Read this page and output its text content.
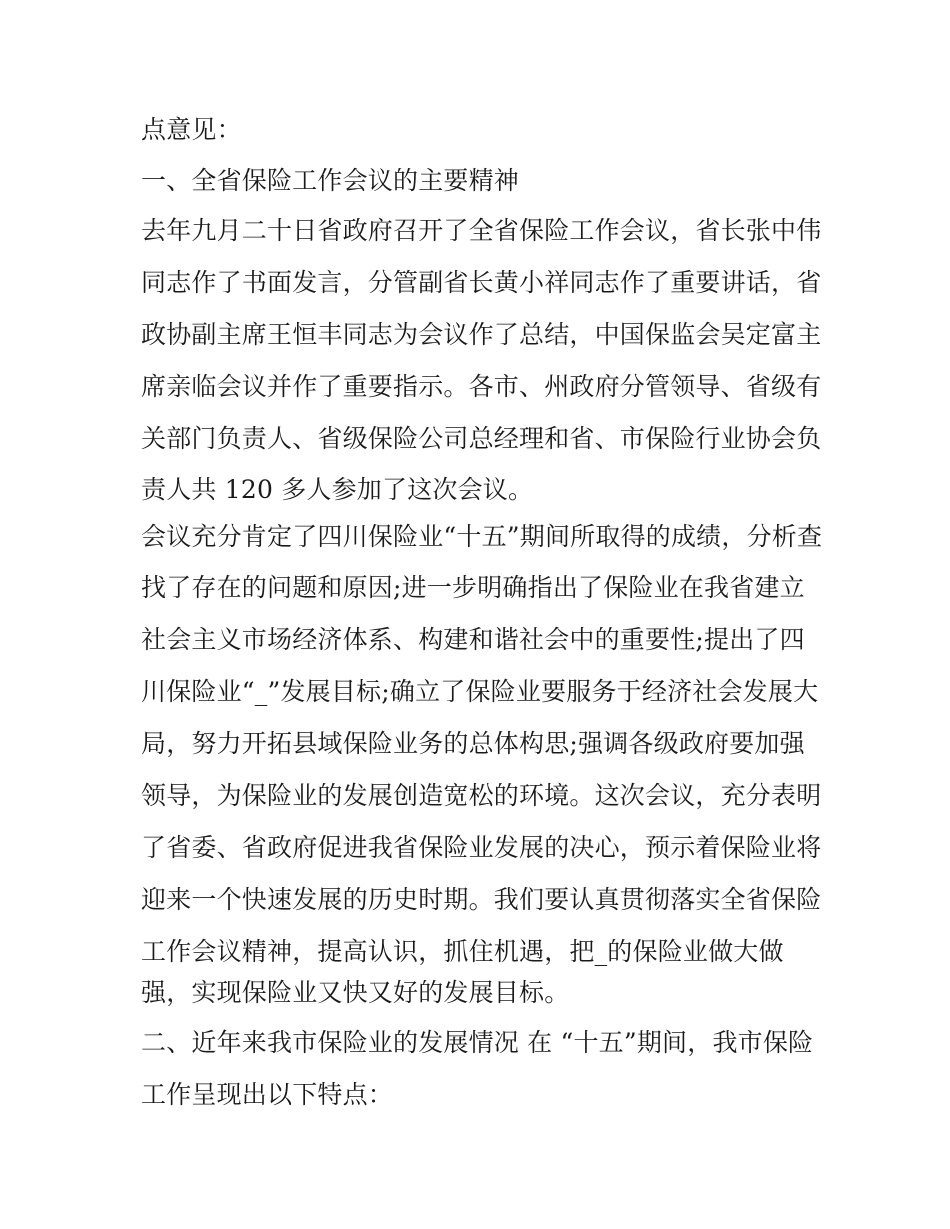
点意见：
一、全省保险工作会议的主要精神
去年九月二十日省政府召开了全省保险工作会议，省长张中伟
同志作了书面发言，分管副省长黄小祥同志作了重要讲话，省
政协副主席王恒丰同志为会议作了总结，中国保监会吴定富主
席亲临会议并作了重要指示。各市、州政府分管领导、省级有
关部门负责人、省级保险公司总经理和省、市保险行业协会负
责人共 120 多人参加了这次会议。
会议充分肯定了四川保险业“十五”期间所取得的成绩，分析查
找了存在的问题和原因;进一步明确指出了保险业在我省建立
社会主义市场经济体系、构建和谐社会中的重要性;提出了四
川保险业“_”发展目标;确立了保险业要服务于经济社会发展大
局，努力开拓县域保险业务的总体构思;强调各级政府要加强
领导，为保险业的发展创造宽松的环境。这次会议，充分表明
了省委、省政府促进我省保险业发展的决心，预示着保险业将
迎来一个快速发展的历史时期。我们要认真贯彻落实全省保险
工作会议精神，提高认识，抓住机遇，把_的保险业做大做
强，实现保险业又快又好的发展目标。
二、近年来我市保险业的发展情况 在 “十五”期间，我市保险
工作呈现出以下特点：
